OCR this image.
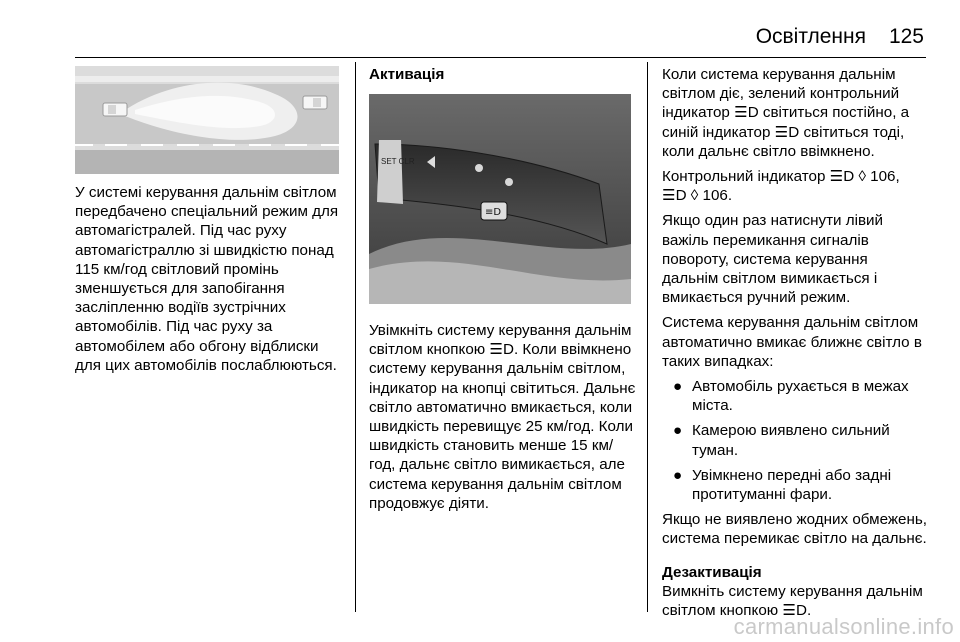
Освітлення 125

У системі керування дальнім світлом передбачено спеціальний режим для автомагістралей. Під час руху автомагістраллю зі швидкістю понад 115 км/год світловий промінь зменшується для запобігання засліпленню водіїв зустрічних автомобілів. Під час руху за автомобілем або обгону відблиски для цих автомобілів послаблюються.

Активація

SET CLR
≡D

Увімкніть систему керування дальнім світлом кнопкою ☰D. Коли ввімкнено систему керування дальнім світлом, індикатор на кнопці світиться. Дальнє світло автоматично вмикається, коли швидкість перевищує 25 км/год. Коли швидкість становить менше 15 км/год, дальнє світло вимикається, але система керування дальнім світлом продовжує діяти.

Коли система керування дальнім світлом діє, зелений контрольний індикатор ☰D світиться постійно, а синій індикатор ☰D світиться тоді, коли дальнє світло ввімкнено.

Контрольний індикатор ☰D ◊ 106, ☰D ◊ 106.

Якщо один раз натиснути лівий важіль перемикання сигналів повороту, система керування дальнім світлом вимикається і вмикається ручний режим.

Система керування дальнім світлом автоматично вмикає ближнє світло в таких випадках:

● Автомобіль рухається в межах міста.
● Камерою виявлено сильний туман.
● Увімкнено передні або задні протитуманні фари.

Якщо не виявлено жодних обмежень, система перемикає світло на дальнє.

Дезактивація

Вимкніть систему керування дальнім світлом кнопкою ☰D.

carmanualsonline.info
